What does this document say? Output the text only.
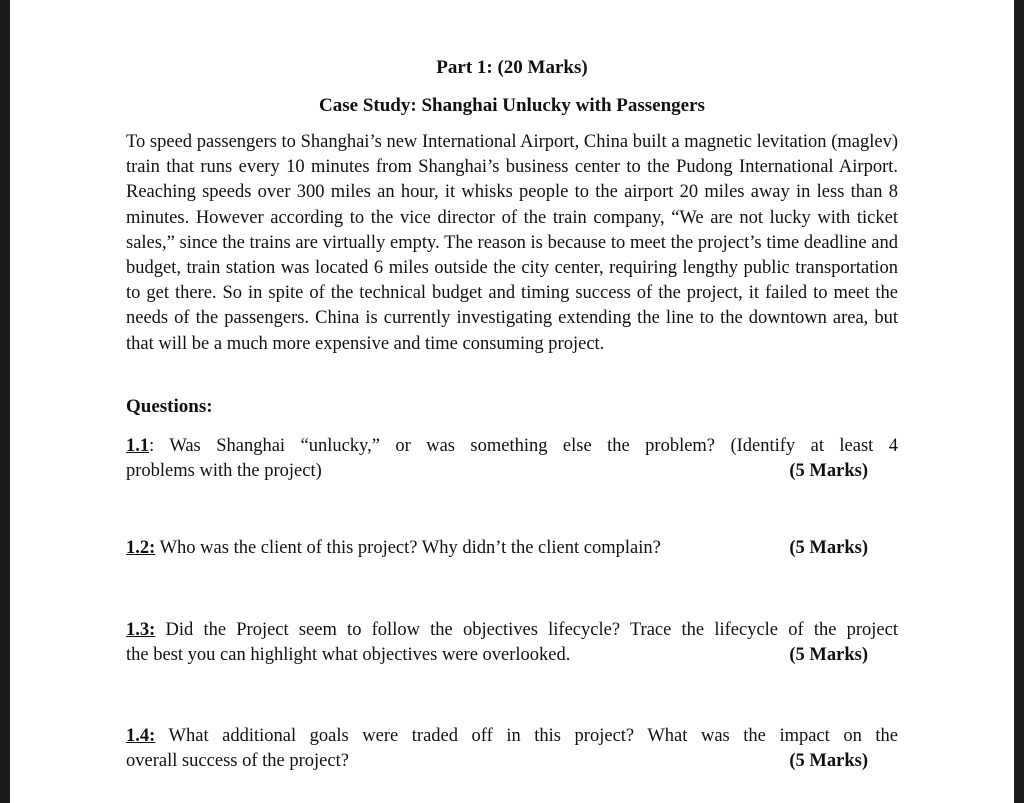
Part 1: (20 Marks)

Case Study: Shanghai Unlucky with Passengers

To speed passengers to Shanghai’s new International Airport, China built a magnetic levitation (maglev) train that runs every 10 minutes from Shanghai’s business center to the Pudong International Airport. Reaching speeds over 300 miles an hour, it whisks people to the airport 20 miles away in less than 8 minutes. However according to the vice director of the train company, “We are not lucky with ticket sales,” since the trains are virtually empty. The reason is because to meet the project’s time deadline and budget, train station was located 6 miles outside the city center, requiring lengthy public transportation to get there. So in spite of the technical budget and timing success of the project, it failed to meet the needs of the passengers. China is currently investigating extending the line to the downtown area, but that will be a much more expensive and time consuming project.

Questions:

1.1: Was Shanghai “unlucky,” or was something else the problem? (Identify at least 4
problems with the project)	(5 Marks)
1.2: Who was the client of this project? Why didn’t the client complain?	(5 Marks)
1.3: Did the Project seem to follow the objectives lifecycle? Trace the lifecycle of the project
the best you can highlight what objectives were overlooked.	(5 Marks)
1.4: What additional goals were traded off in this project? What was the impact on the
overall success of the project?	(5 Marks)
